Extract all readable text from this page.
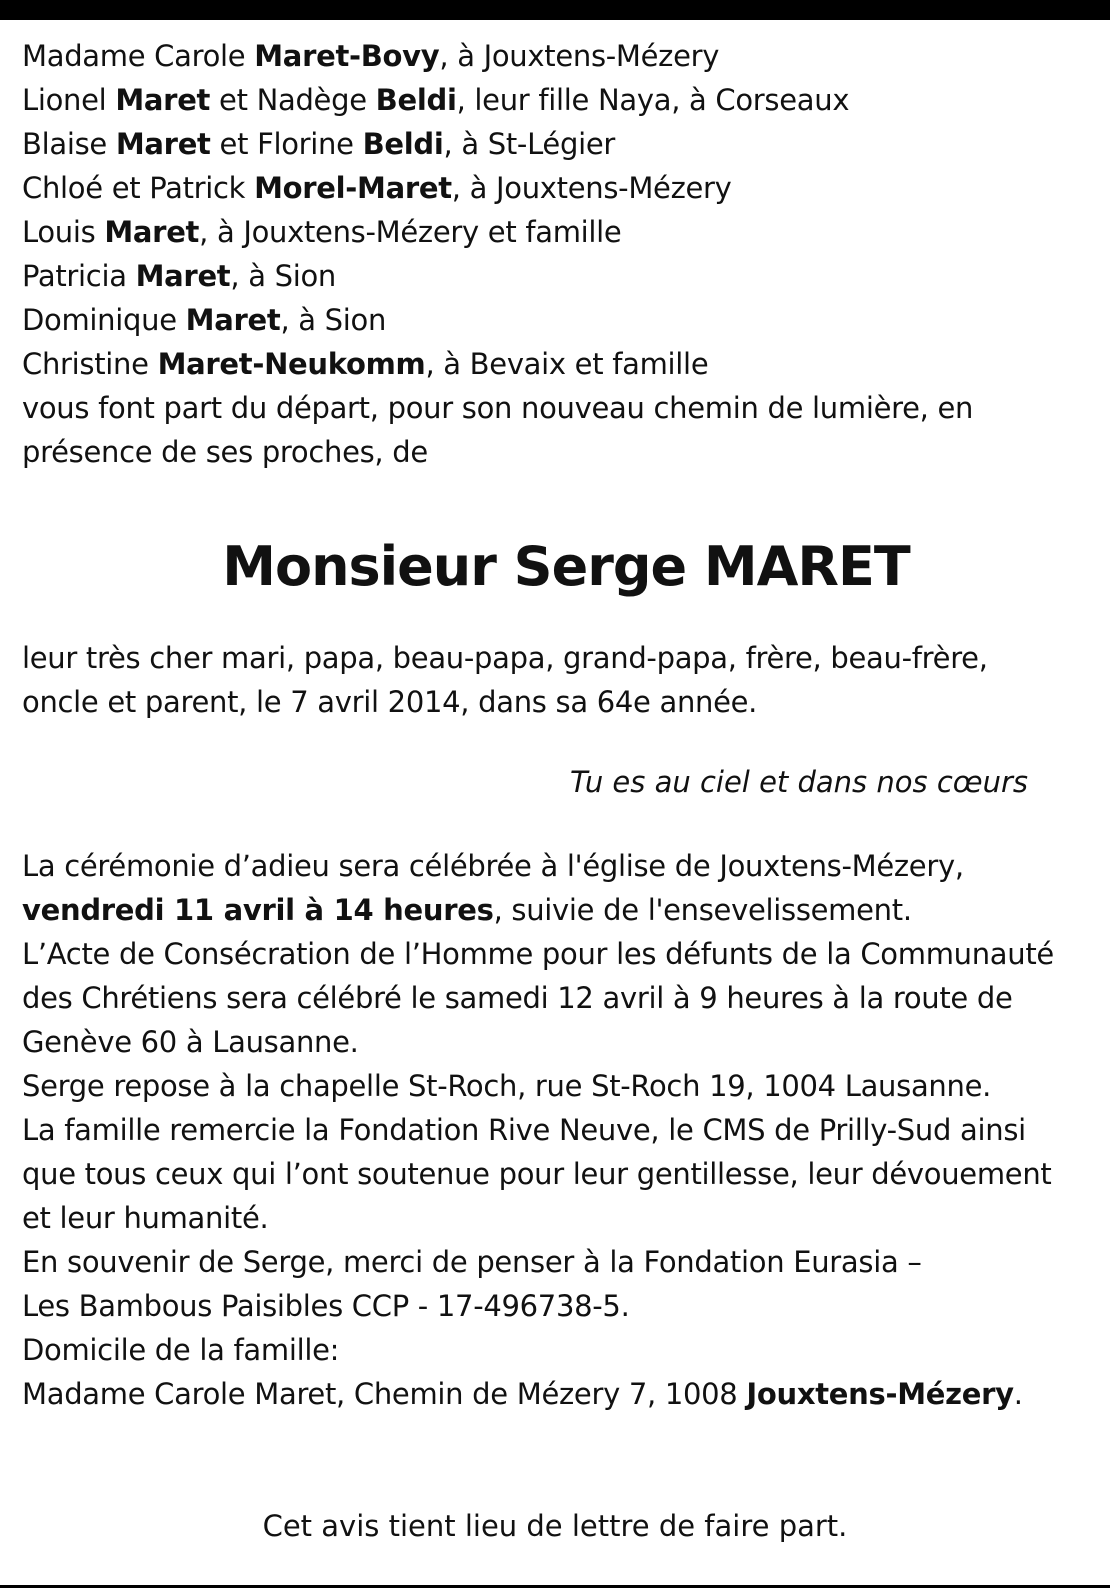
Madame Carole Maret-Bovy, à Jouxtens-Mézery
Lionel Maret et Nadège Beldi, leur fille Naya, à Corseaux
Blaise Maret et Florine Beldi, à St-Légier
Chloé et Patrick Morel-Maret, à Jouxtens-Mézery
Louis Maret, à Jouxtens-Mézery et famille
Patricia Maret, à Sion
Dominique Maret, à Sion
Christine Maret-Neukomm, à Bevaix et famille
vous font part du départ, pour son nouveau chemin de lumière, en
présence de ses proches, de
Monsieur Serge MARET
leur très cher mari, papa, beau-papa, grand-papa, frère, beau-frère,
oncle et parent, le 7 avril 2014, dans sa 64e année.
Tu es au ciel et dans nos cœurs
La cérémonie d’adieu sera célébrée à l'église de Jouxtens-Mézery,
vendredi 11 avril à 14 heures, suivie de l'ensevelissement.
L’Acte de Consécration de l’Homme pour les défunts de la Communauté
des Chrétiens sera célébré le samedi 12 avril à 9 heures à la route de
Genève 60 à Lausanne.
Serge repose à la chapelle St-Roch, rue St-Roch 19, 1004 Lausanne.
La famille remercie la Fondation Rive Neuve, le CMS de Prilly-Sud ainsi
que tous ceux qui l’ont soutenue pour leur gentillesse, leur dévouement
et leur humanité.
En souvenir de Serge, merci de penser à la Fondation Eurasia –
Les Bambous Paisibles CCP - 17-496738-5.
Domicile de la famille:
Madame Carole Maret, Chemin de Mézery 7, 1008 Jouxtens-Mézery.
Cet avis tient lieu de lettre de faire part.
